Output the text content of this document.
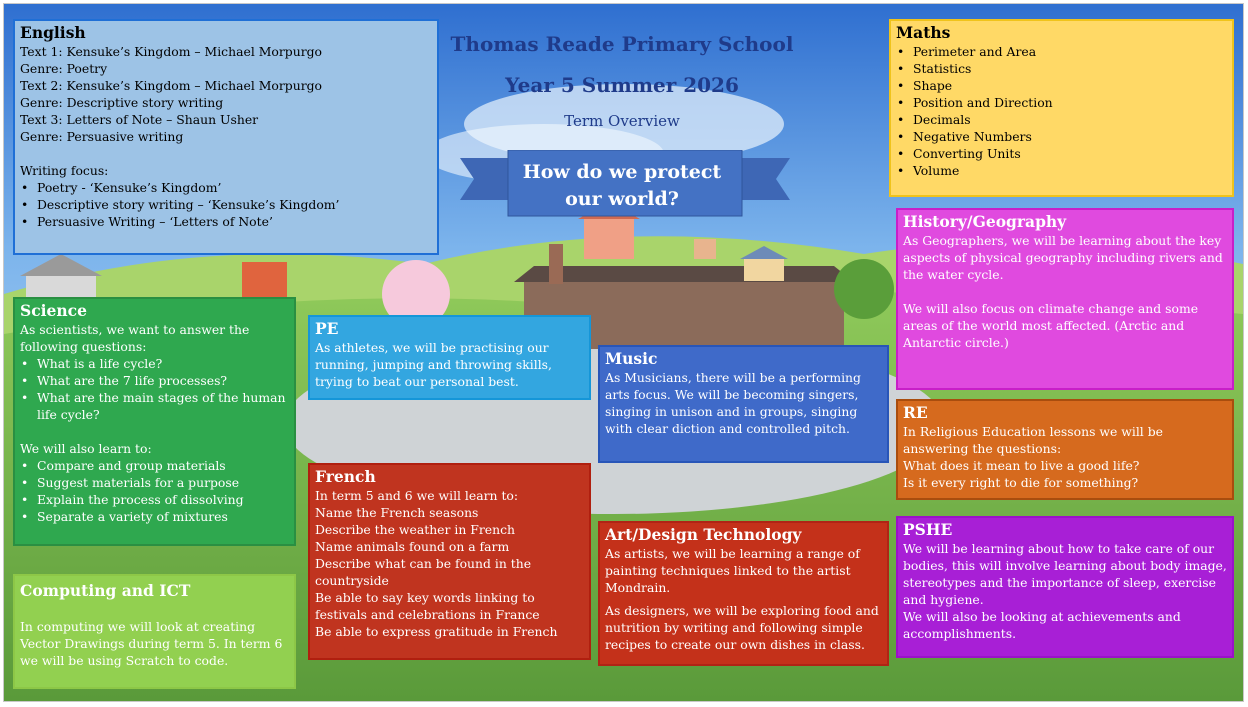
Thomas Reade Primary School
Year 5 Summer 2026
Term Overview
How do we protect
our world?
English

Text 1: Kensuke’s Kingdom – Michael Morpurgo

Genre: Poetry

Text 2: Kensuke’s Kingdom – Michael Morpurgo

Genre: Descriptive story writing

Text 3: Letters of Note – Shaun Usher

Genre: Persuasive writing

Writing focus:

• Poetry - ‘Kensuke’s Kingdom’
• Descriptive story writing – ‘Kensuke’s Kingdom’
• Persuasive Writing – ‘Letters of Note’
Maths
• Perimeter and Area
• Statistics
• Shape
• Position and Direction
• Decimals
• Negative Numbers
• Converting Units
• Volume
Science

As scientists, we want to answer the following questions:

• What is a life cycle?
• What are the 7 life processes?
• What are the main stages of the human life cycle?

We will also learn to:

• Compare and group materials
• Suggest materials for a purpose
• Explain the process of dissolving
• Separate a variety of mixtures
Computing and ICT

In computing we will look at creating Vector Drawings during term 5. In term 6 we will be using Scratch to code.

PE

As athletes, we will be practising our running, jumping and throwing skills, trying to beat our personal best.

Music

As Musicians, there will be a performing arts focus. We will be becoming singers, singing in unison and in groups, singing with clear diction and controlled pitch.

French

In term 5 and 6 we will learn to:

Name the French seasons

Describe the weather in French

Name animals found on a farm

Describe what can be found in the countryside

Be able to say key words linking to festivals and celebrations in France

Be able to express gratitude in French

Art/Design Technology

As artists, we will be learning a range of painting techniques linked to the artist Mondrain.

As designers, we will be exploring food and nutrition by writing and following simple recipes to create our own dishes in class.

History/Geography

As Geographers, we will be learning about the key aspects of physical geography including rivers and the water cycle.

We will also focus on climate change and some areas of the world most affected. (Arctic and Antarctic circle.)

RE

In Religious Education lessons we will be answering the questions:

What does it mean to live a good life?

Is it every right to die for something?

PSHE

We will be learning about how to take care of our bodies, this will involve learning about body image, stereotypes and the importance of sleep, exercise and hygiene.

We will also be looking at achievements and accomplishments.
